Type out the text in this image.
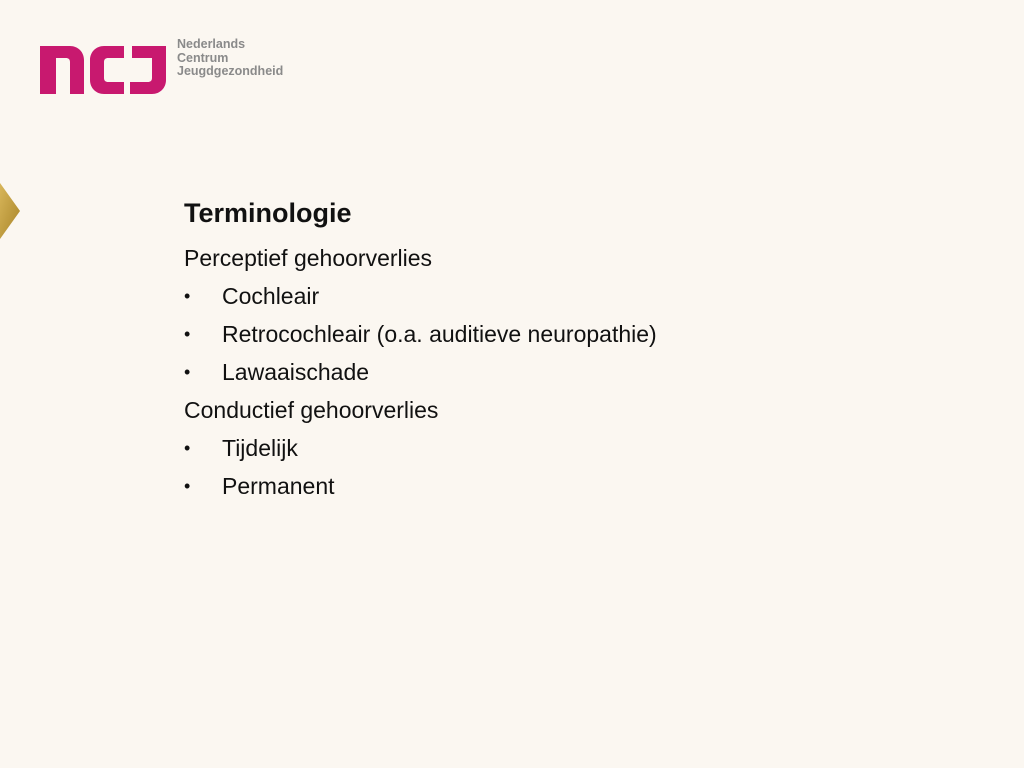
Nederlands
Centrum
Jeugdgezondheid
Terminologie
Perceptief gehoorverlies
• Cochleair
• Retrocochleair (o.a. auditieve neuropathie)
• Lawaaischade
Conductief gehoorverlies
• Tijdelijk
• Permanent
